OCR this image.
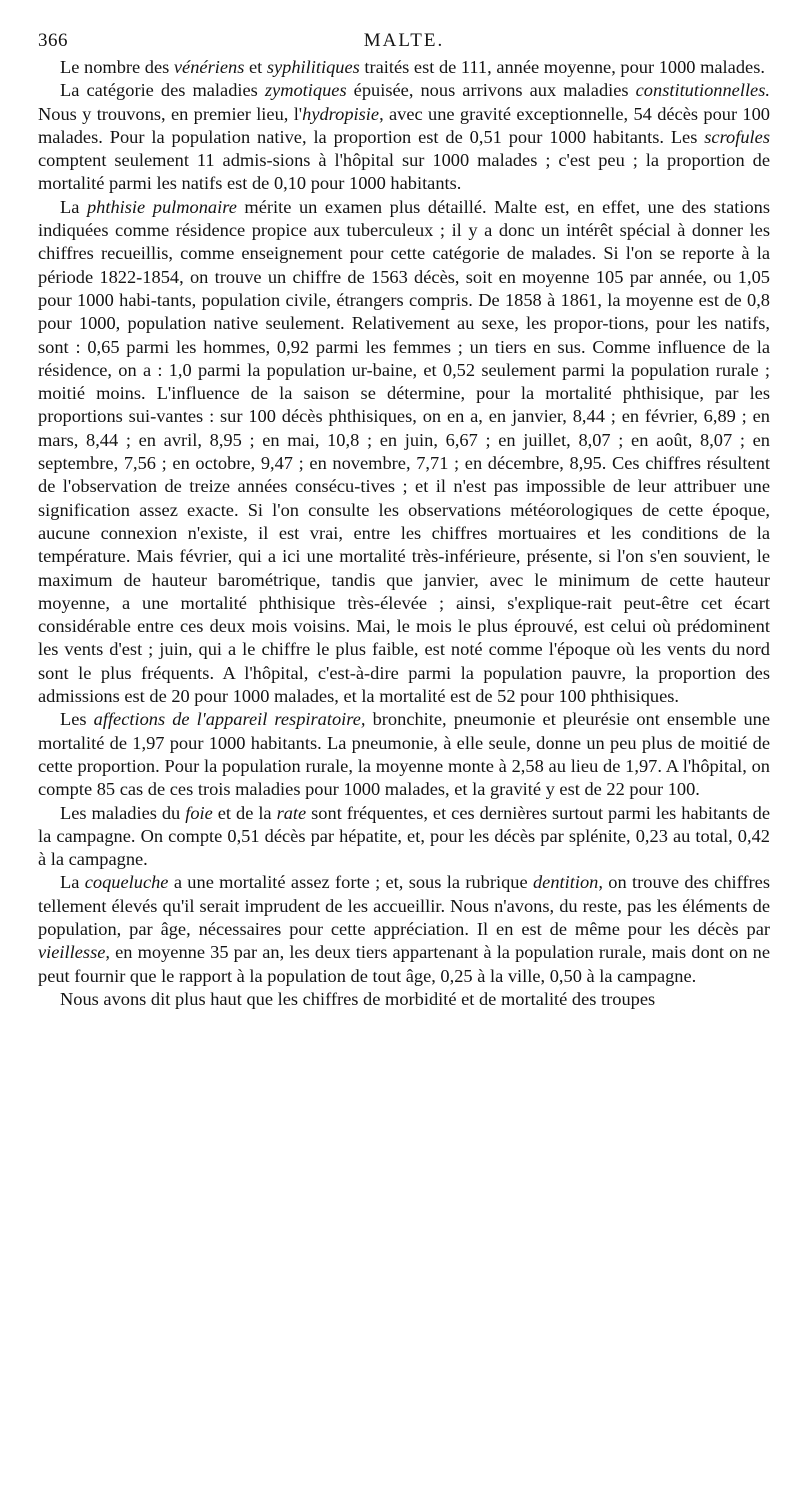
366	MALTE.

Le nombre des vénériens et syphilitiques traités est de 111, année moyenne, pour 1000 malades.

La catégorie des maladies zymotiques épuisée, nous arrivons aux maladies constitutionnelles. Nous y trouvons, en premier lieu, l'hydropisie, avec une gravité exceptionnelle, 54 décès pour 100 malades. Pour la population native, la proportion est de 0,51 pour 1000 habitants. Les scrofules comptent seulement 11 admis-sions à l'hôpital sur 1000 malades ; c'est peu ; la proportion de mortalité parmi les natifs est de 0,10 pour 1000 habitants.

La phthisie pulmonaire mérite un examen plus détaillé. Malte est, en effet, une des stations indiquées comme résidence propice aux tuberculeux ; il y a donc un intérêt spécial à donner les chiffres recueillis, comme enseignement pour cette catégorie de malades. Si l'on se reporte à la période 1822-1854, on trouve un chiffre de 1563 décès, soit en moyenne 105 par année, ou 1,05 pour 1000 habi-tants, population civile, étrangers compris. De 1858 à 1861, la moyenne est de 0,8 pour 1000, population native seulement. Relativement au sexe, les propor-tions, pour les natifs, sont : 0,65 parmi les hommes, 0,92 parmi les femmes ; un tiers en sus. Comme influence de la résidence, on a : 1,0 parmi la population ur-baine, et 0,52 seulement parmi la population rurale ; moitié moins. L'influence de la saison se détermine, pour la mortalité phthisique, par les proportions sui-vantes : sur 100 décès phthisiques, on en a, en janvier, 8,44 ; en février, 6,89 ; en mars, 8,44 ; en avril, 8,95 ; en mai, 10,8 ; en juin, 6,67 ; en juillet, 8,07 ; en août, 8,07 ; en septembre, 7,56 ; en octobre, 9,47 ; en novembre, 7,71 ; en décembre, 8,95. Ces chiffres résultent de l'observation de treize années consécu-tives ; et il n'est pas impossible de leur attribuer une signification assez exacte. Si l'on consulte les observations météorologiques de cette époque, aucune connexion n'existe, il est vrai, entre les chiffres mortuaires et les conditions de la température. Mais février, qui a ici une mortalité très-inférieure, présente, si l'on s'en souvient, le maximum de hauteur barométrique, tandis que janvier, avec le minimum de cette hauteur moyenne, a une mortalité phthisique très-élevée ; ainsi, s'explique-rait peut-être cet écart considérable entre ces deux mois voisins. Mai, le mois le plus éprouvé, est celui où prédominent les vents d'est ; juin, qui a le chiffre le plus faible, est noté comme l'époque où les vents du nord sont le plus fréquents. A l'hôpital, c'est-à-dire parmi la population pauvre, la proportion des admissions est de 20 pour 1000 malades, et la mortalité est de 52 pour 100 phthisiques.

Les affections de l'appareil respiratoire, bronchite, pneumonie et pleurésie ont ensemble une mortalité de 1,97 pour 1000 habitants. La pneumonie, à elle seule, donne un peu plus de moitié de cette proportion. Pour la population rurale, la moyenne monte à 2,58 au lieu de 1,97. A l'hôpital, on compte 85 cas de ces trois maladies pour 1000 malades, et la gravité y est de 22 pour 100.

Les maladies du foie et de la rate sont fréquentes, et ces dernières surtout parmi les habitants de la campagne. On compte 0,51 décès par hépatite, et, pour les décès par splénite, 0,23 au total, 0,42 à la campagne.

La coqueluche a une mortalité assez forte ; et, sous la rubrique dentition, on trouve des chiffres tellement élevés qu'il serait imprudent de les accueillir. Nous n'avons, du reste, pas les éléments de population, par âge, nécessaires pour cette appréciation. Il en est de même pour les décès par vieillesse, en moyenne 35 par an, les deux tiers appartenant à la population rurale, mais dont on ne peut fournir que le rapport à la population de tout âge, 0,25 à la ville, 0,50 à la campagne.

Nous avons dit plus haut que les chiffres de morbidité et de mortalité des troupes
